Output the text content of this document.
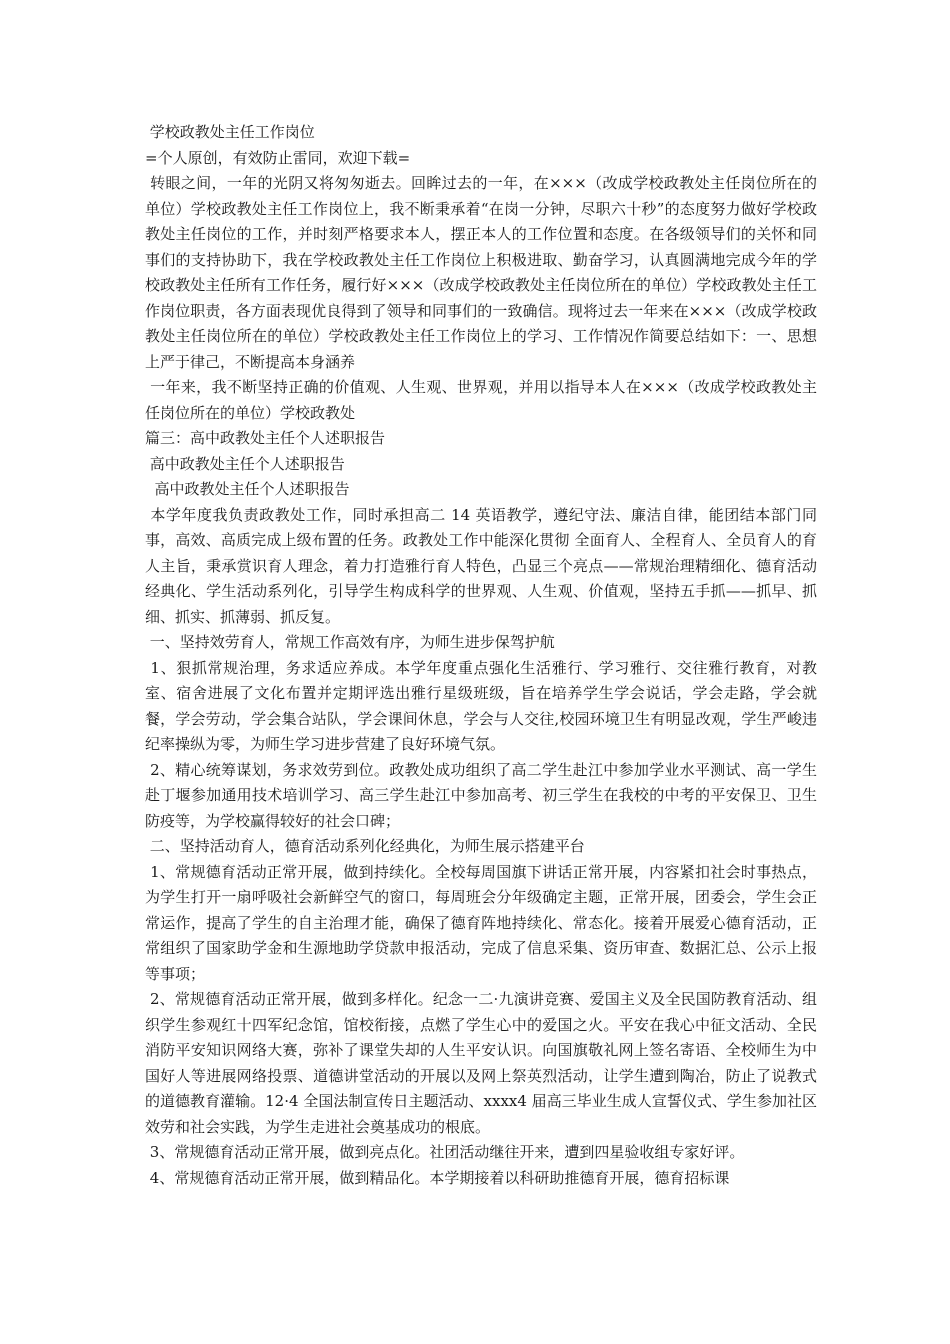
学校政教处主任工作岗位
=个人原创，有效防止雷同，欢迎下载=
转眼之间，一年的光阴又将匆匆逝去。回眸过去的一年，在×××（改成学校政教处主任岗位所在的单位）学校政教处主任工作岗位上，我不断秉承着“在岗一分钟，尽职六十秒”的态度努力做好学校政教处主任岗位的工作，并时刻严格要求本人，摆正本人的工作位置和态度。在各级领导们的关怀和同事们的支持协助下，我在学校政教处主任工作岗位上积极进取、勤奋学习，认真圆满地完成今年的学校政教处主任所有工作任务，履行好×××（改成学校政教处主任岗位所在的单位）学校政教处主任工作岗位职责，各方面表现优良得到了领导和同事们的一致确信。现将过去一年来在×××（改成学校政教处主任岗位所在的单位）学校政教处主任工作岗位上的学习、工作情况作简要总结如下：一、思想上严于律己，不断提高本身涵养
一年来，我不断坚持正确的价值观、人生观、世界观，并用以指导本人在×××（改成学校政教处主任岗位所在的单位）学校政教处
篇三：高中政教处主任个人述职报告
高中政教处主任个人述职报告
高中政教处主任个人述职报告
本学年度我负责政教处工作，同时承担高二 14 英语教学，遵纪守法、廉洁自律，能团结本部门同事，高效、高质完成上级布置的任务。政教处工作中能深化贯彻 全面育人、全程育人、全员育人的育人主旨，秉承赏识育人理念，着力打造雅行育人特色，凸显三个亮点——常规治理精细化、德育活动经典化、学生活动系列化，引导学生构成科学的世界观、人生观、价值观，坚持五手抓——抓早、抓细、抓实、抓薄弱、抓反复。
一、坚持效劳育人，常规工作高效有序，为师生进步保驾护航
1、狠抓常规治理，务求适应养成。本学年度重点强化生活雅行、学习雅行、交往雅行教育，对教室、宿舍进展了文化布置并定期评选出雅行星级班级，旨在培养学生学会说话，学会走路，学会就餐，学会劳动，学会集合站队，学会课间休息，学会与人交往,校园环境卫生有明显改观，学生严峻违纪率操纵为零，为师生学习进步营建了良好环境气氛。
2、精心统筹谋划，务求效劳到位。政教处成功组织了高二学生赴江中参加学业水平测试、高一学生赴丁堰参加通用技术培训学习、高三学生赴江中参加高考、初三学生在我校的中考的平安保卫、卫生防疫等，为学校赢得较好的社会口碑；
二、坚持活动育人，德育活动系列化经典化，为师生展示搭建平台
1、常规德育活动正常开展，做到持续化。全校每周国旗下讲话正常开展，内容紧扣社会时事热点，为学生打开一扇呼吸社会新鲜空气的窗口，每周班会分年级确定主题，正常开展，团委会，学生会正常运作，提高了学生的自主治理才能，确保了德育阵地持续化、常态化。接着开展爱心德育活动，正常组织了国家助学金和生源地助学贷款申报活动，完成了信息采集、资历审查、数据汇总、公示上报等事项；
2、常规德育活动正常开展，做到多样化。纪念一二·九演讲竞赛、爱国主义及全民国防教育活动、组织学生参观红十四军纪念馆，馆校衔接，点燃了学生心中的爱国之火。平安在我心中征文活动、全民消防平安知识网络大赛，弥补了课堂失却的人生平安认识。向国旗敬礼网上签名寄语、全校师生为中国好人等进展网络投票、道德讲堂活动的开展以及网上祭英烈活动，让学生遭到陶冶，防止了说教式的道德教育灌输。12·4 全国法制宣传日主题活动、xxxx4 届高三毕业生成人宣誓仪式、学生参加社区效劳和社会实践，为学生走进社会奠基成功的根底。
3、常规德育活动正常开展，做到亮点化。社团活动继往开来，遭到四星验收组专家好评。
4、常规德育活动正常开展，做到精品化。本学期接着以科研助推德育开展，德育招标课
